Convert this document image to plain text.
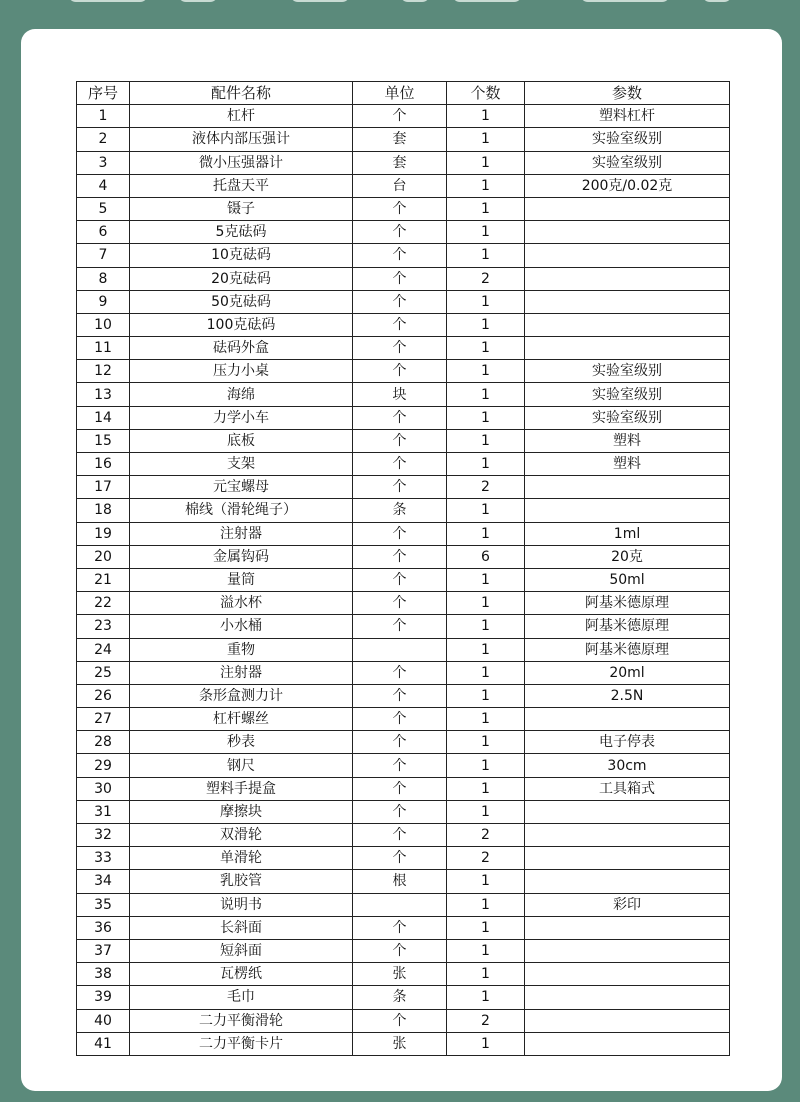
序号	配件名称	单位	个数	参数
1	杠杆	个	1	塑料杠杆
2	液体内部压强计	套	1	实验室级别
3	微小压强器计	套	1	实验室级别
4	托盘天平	台	1	200克/0.02克
5	镊子	个	1	
6	5克砝码	个	1	
7	10克砝码	个	1	
8	20克砝码	个	2	
9	50克砝码	个	1	
10	100克砝码	个	1	
11	砝码外盒	个	1	
12	压力小桌	个	1	实验室级别
13	海绵	块	1	实验室级别
14	力学小车	个	1	实验室级别
15	底板	个	1	塑料
16	支架	个	1	塑料
17	元宝螺母	个	2	
18	棉线（滑轮绳子）	条	1	
19	注射器	个	1	1ml
20	金属钩码	个	6	20克
21	量筒	个	1	50ml
22	溢水杯	个	1	阿基米德原理
23	小水桶	个	1	阿基米德原理
24	重物		1	阿基米德原理
25	注射器	个	1	20ml
26	条形盒测力计	个	1	2.5N
27	杠杆螺丝	个	1	
28	秒表	个	1	电子停表
29	钢尺	个	1	30cm
30	塑料手提盒	个	1	工具箱式
31	摩擦块	个	1	
32	双滑轮	个	2	
33	单滑轮	个	2	
34	乳胶管	根	1	
35	说明书		1	彩印
36	长斜面	个	1	
37	短斜面	个	1	
38	瓦楞纸	张	1	
39	毛巾	条	1	
40	二力平衡滑轮	个	2	
41	二力平衡卡片	张	1	
